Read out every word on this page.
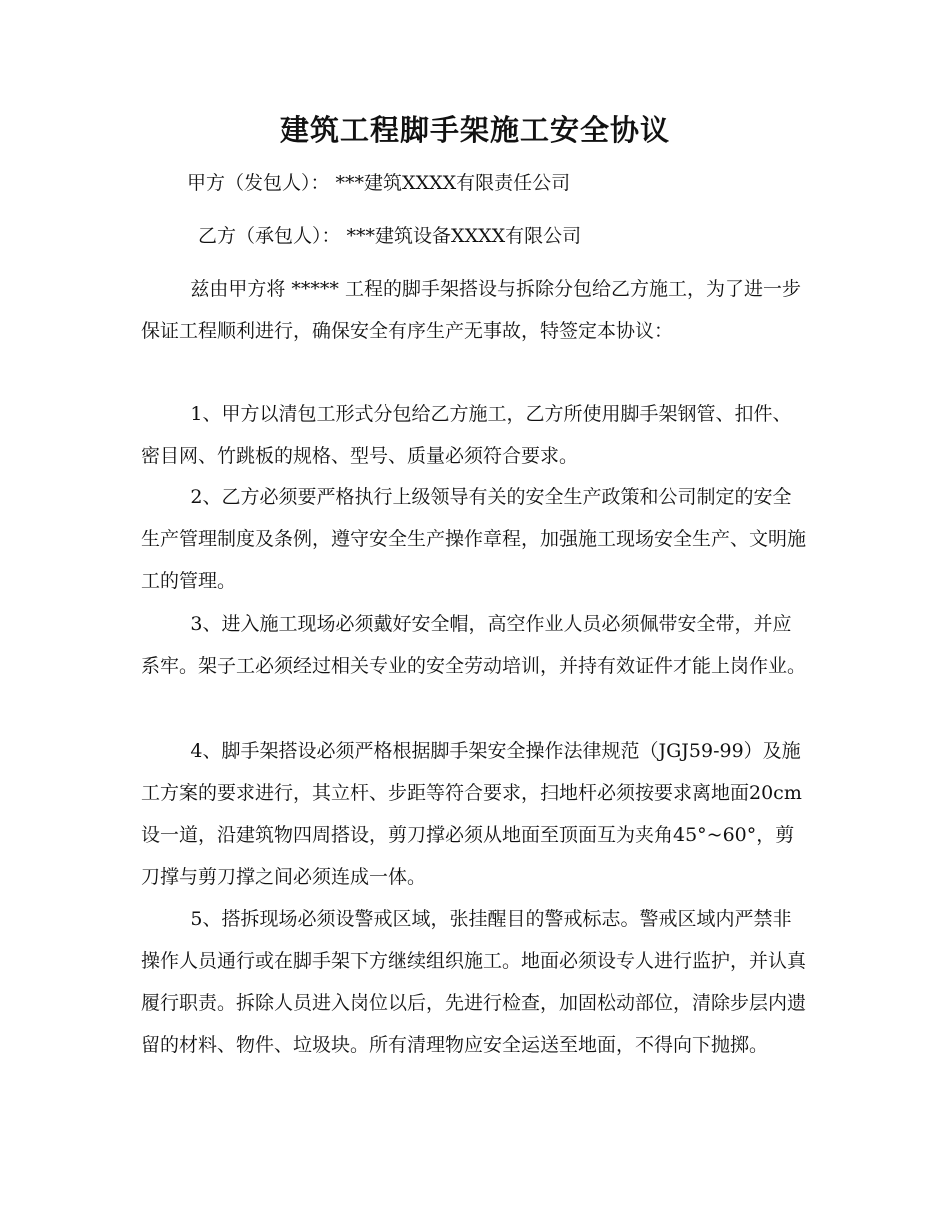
建筑工程脚手架施工安全协议

甲方（发包人）： ***建筑XXXX有限责任公司

乙方（承包人）： ***建筑设备XXXX有限公司

兹由甲方将 ***** 工程的脚手架搭设与拆除分包给乙方施工，为了进一步保证工程顺利进行，确保安全有序生产无事故，特签定本协议：

1、甲方以清包工形式分包给乙方施工，乙方所使用脚手架钢管、扣件、密目网、竹跳板的规格、型号、质量必须符合要求。

2、乙方必须要严格执行上级领导有关的安全生产政策和公司制定的安全生产管理制度及条例，遵守安全生产操作章程，加强施工现场安全生产、文明施工的管理。

3、进入施工现场必须戴好安全帽，高空作业人员必须佩带安全带，并应系牢。架子工必须经过相关专业的安全劳动培训，并持有效证件才能上岗作业。

4、脚手架搭设必须严格根据脚手架安全操作法律规范（JGJ59-99）及施工方案的要求进行，其立杆、步距等符合要求，扫地杆必须按要求离地面20cm设一道，沿建筑物四周搭设，剪刀撑必须从地面至顶面互为夹角45°~60°，剪刀撑与剪刀撑之间必须连成一体。

5、搭拆现场必须设警戒区域，张挂醒目的警戒标志。警戒区域内严禁非操作人员通行或在脚手架下方继续组织施工。地面必须设专人进行监护，并认真履行职责。拆除人员进入岗位以后，先进行检查，加固松动部位，清除步层内遗留的材料、物件、垃圾块。所有清理物应安全运送至地面，不得向下抛掷。
